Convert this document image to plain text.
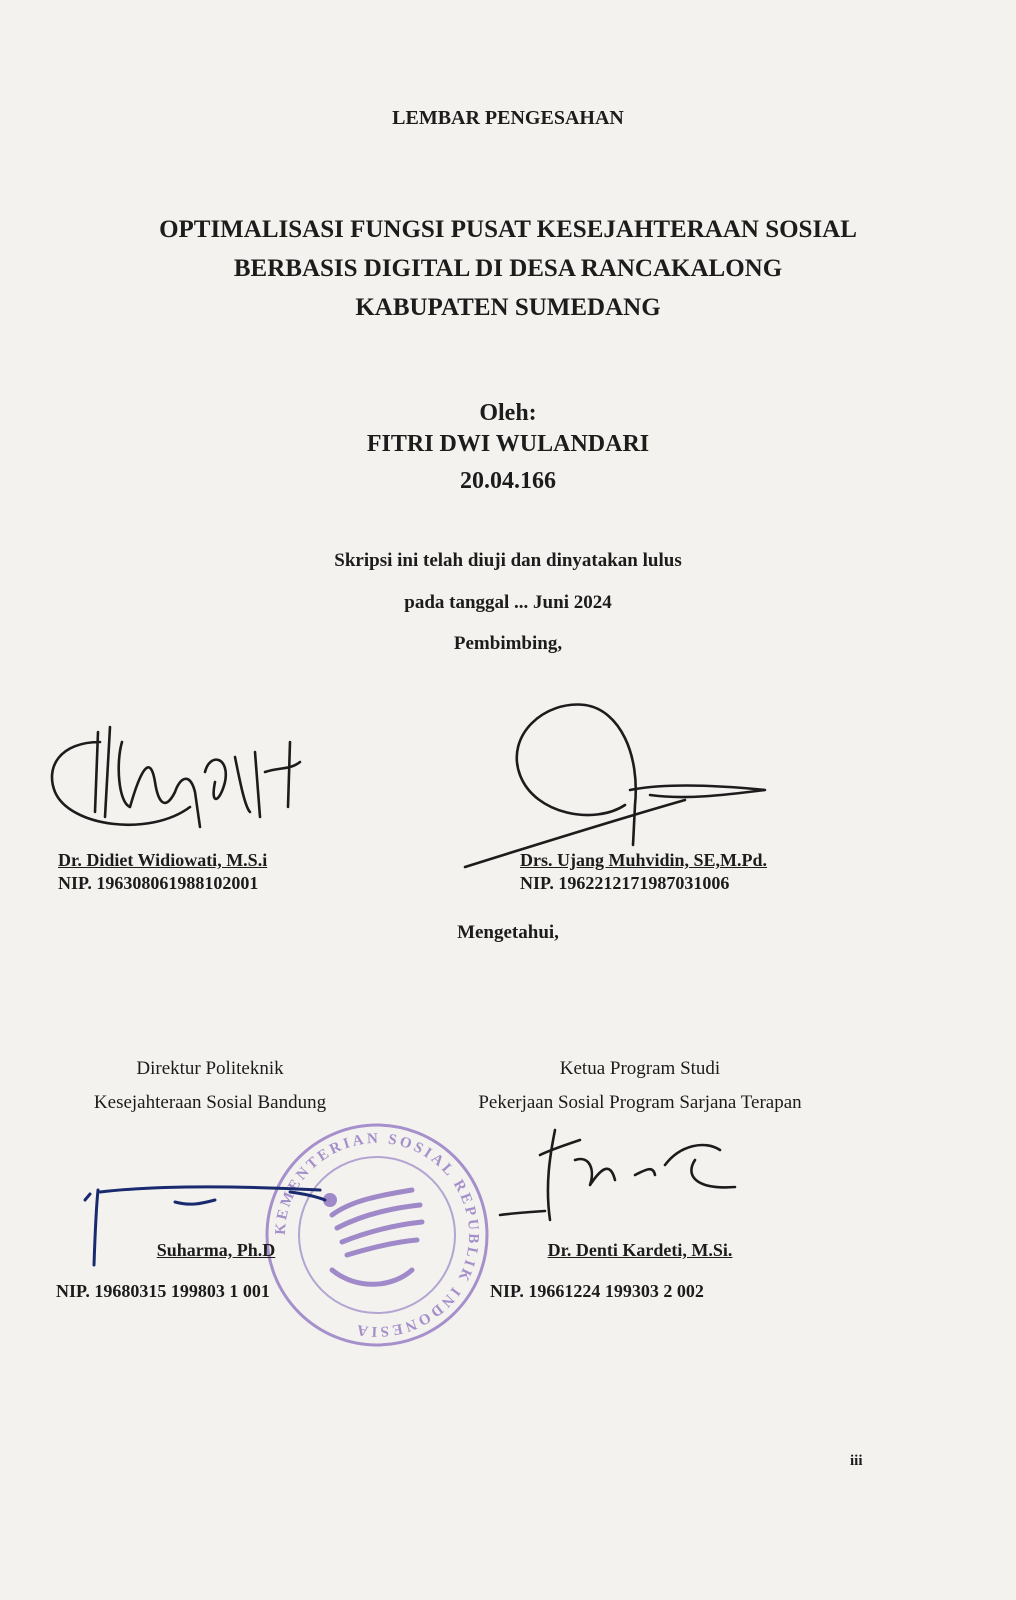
LEMBAR PENGESAHAN
OPTIMALISASI FUNGSI PUSAT KESEJAHTERAAN SOSIAL
BERBASIS DIGITAL DI DESA RANCAKALONG
KABUPATEN SUMEDANG
Oleh:
FITRI DWI WULANDARI
20.04.166
Skripsi ini telah diuji dan dinyatakan lulus
pada tanggal ... Juni 2024
Pembimbing,
Dr. Didiet Widiowati, M.S.i
NIP. 196308061988102001
Drs. Ujang Muhvidin, SE,M.Pd.
NIP. 196221217198703100​6
Mengetahui,
Direktur Politeknik
Kesejahteraan Sosial Bandung
Ketua Program Studi
Pekerjaan Sosial Program Sarjana Terapan
KEMENTERIAN SOSIAL REPUBLIK INDONESIA
Suharma, Ph.D
NIP. 19680315 199803 1 001
Dr. Denti Kardeti, M.Si.
NIP. 19661224 199303 2 002
iii
